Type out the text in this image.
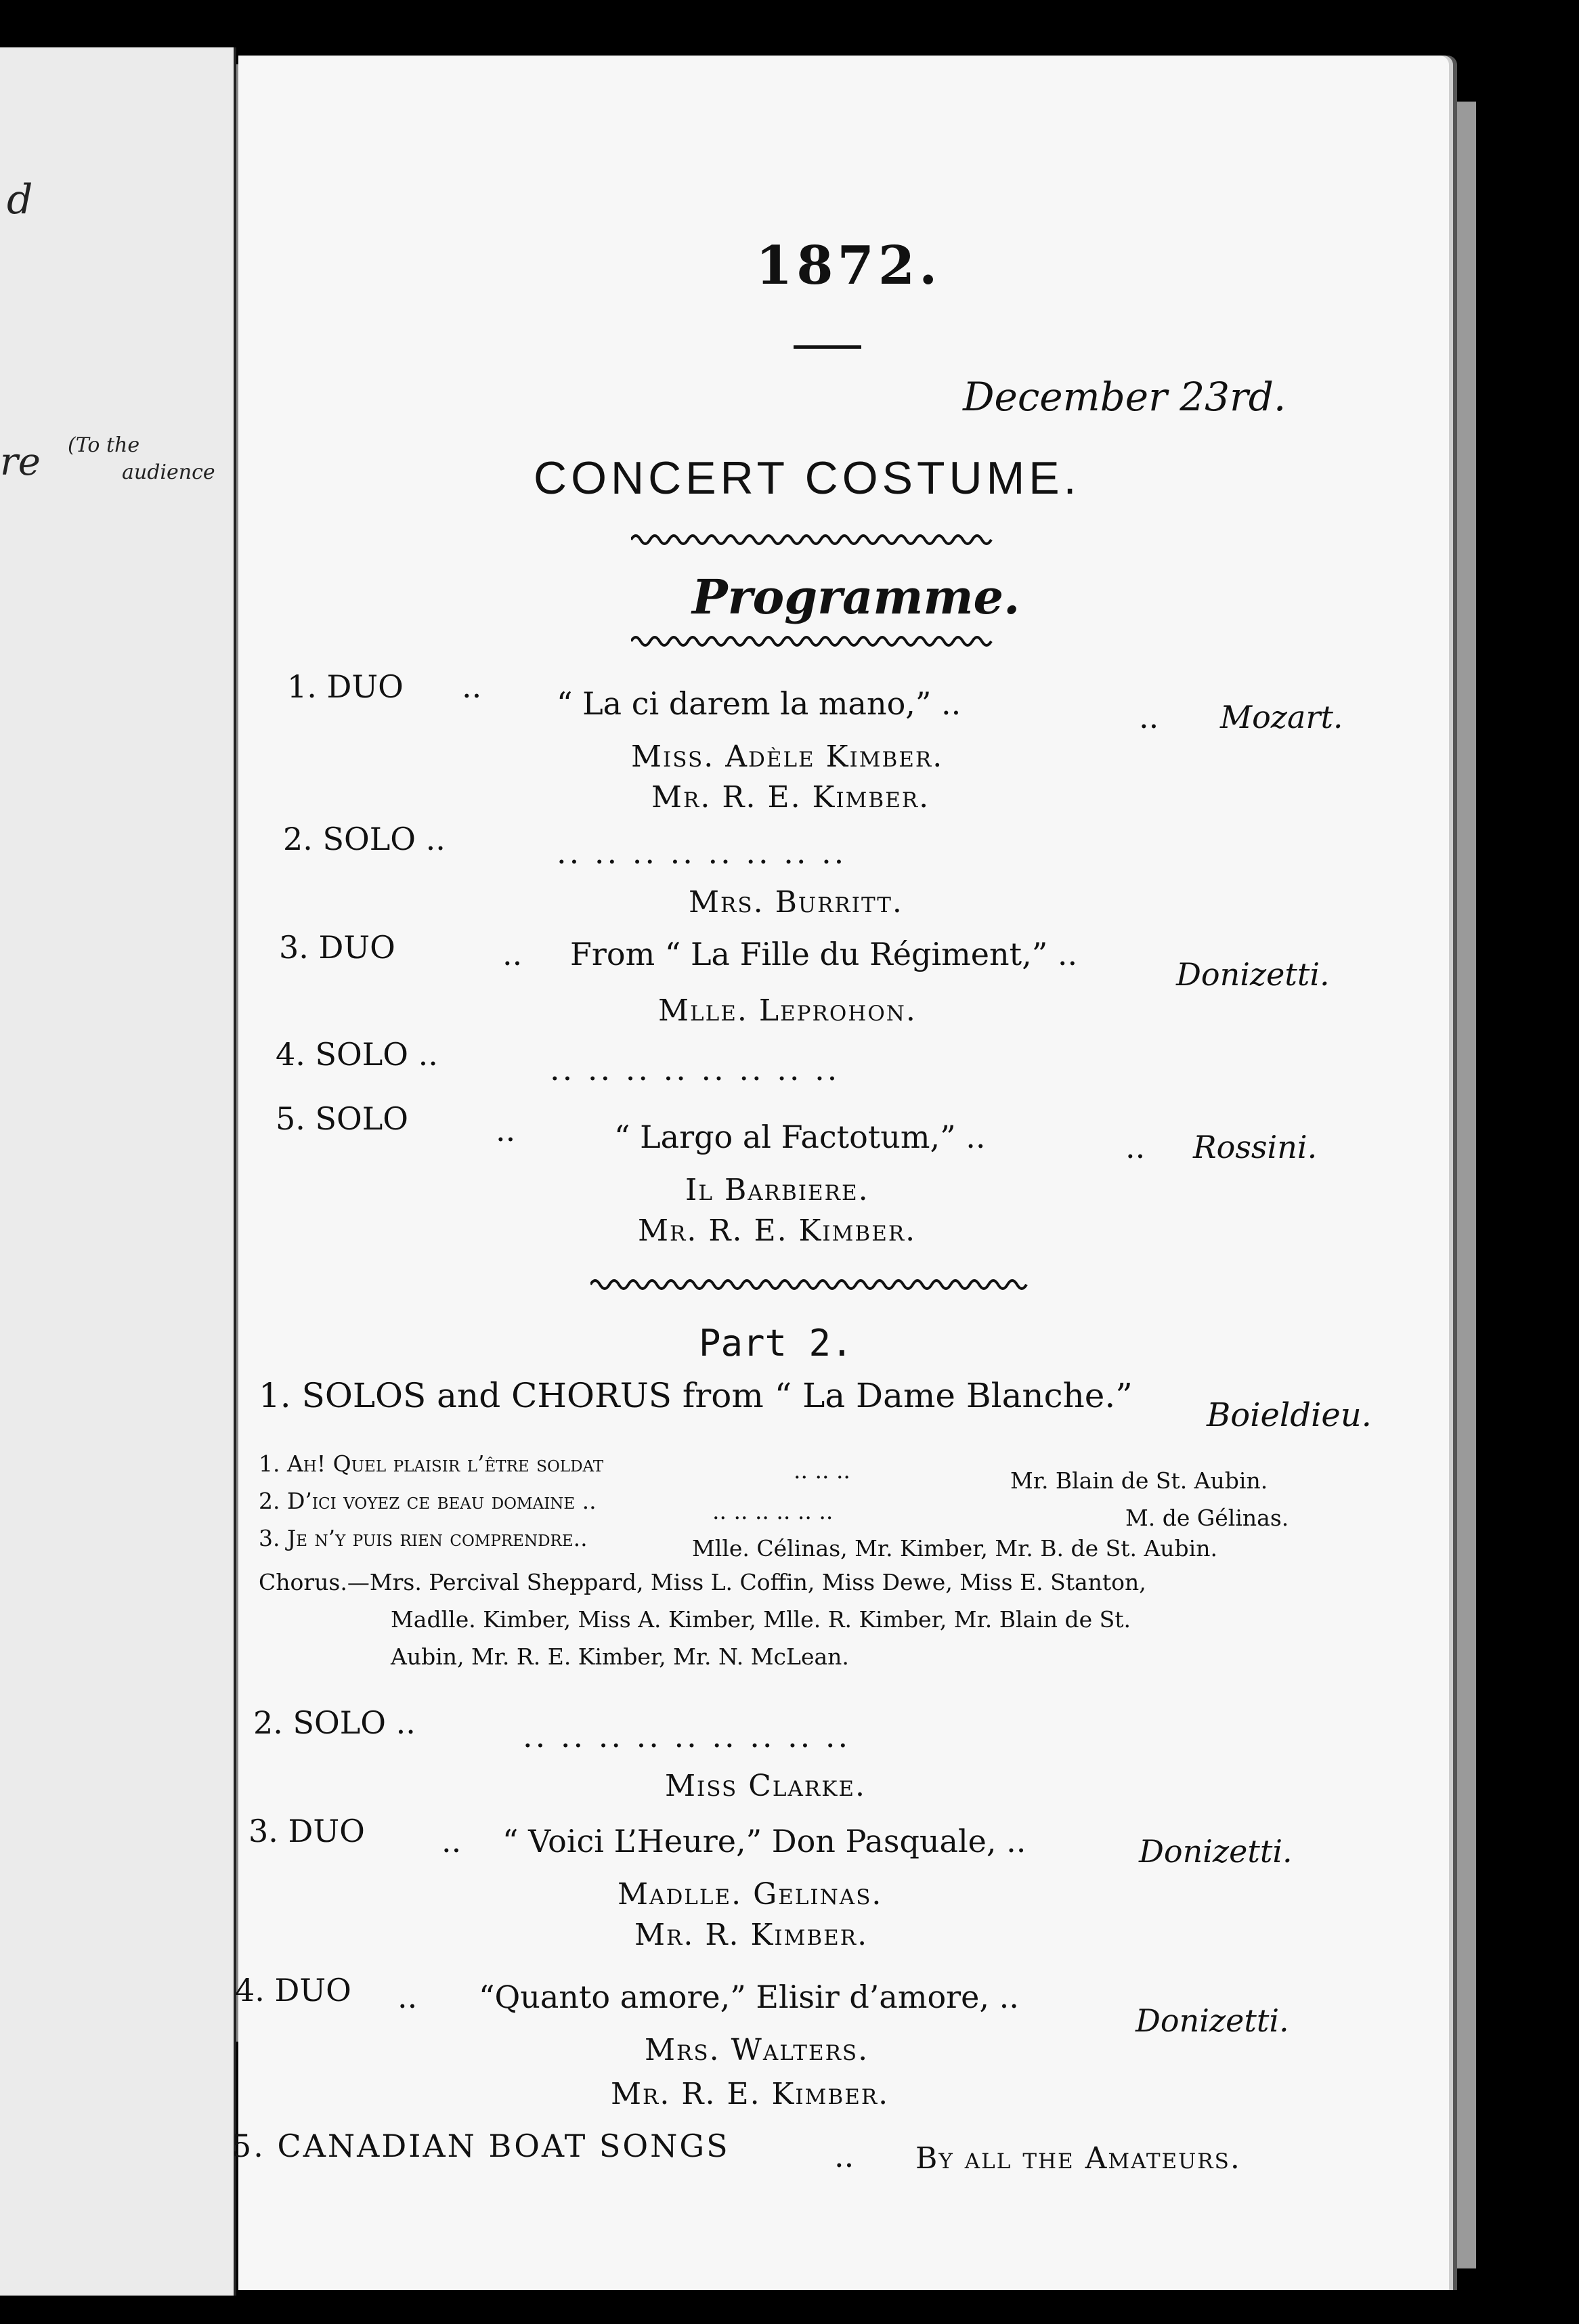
d
re (To the
audience
1872.
December 23rd.
CONCERT COSTUME.
Programme.
1. DUO .. “ La ci darem la mano,” ..	.. Mozart.
Miss. Adèle Kimber.
Mr. R. E. Kimber.
2. SOLO ..	.. .. .. .. .. .. .. ..
Mrs. Burritt.
3. DUO	.. From “ La Fille du Régiment,” ..
Donizetti.
Mlle. Leprohon.
4. SOLO ..	.. .. .. .. .. .. .. ..
5. SOLO	..	“ Largo al Factotum,” ..	.. Rossini.
Il Barbiere.
Mr. R. E. Kimber.
Part 2.
1. SOLOS and CHORUS from “ La Dame Blanche.” Boieldieu.
1. Ah! Quel plaisir l’être soldat	.. .. ..	Mr. Blain de St. Aubin.
2. D’ici voyez ce beau domaine ..	.. .. .. .. .. ..	M. de Gélinas.
3. Je n’y puis rien comprendre..	Mlle. Célinas, Mr. Kimber, Mr. B. de St. Aubin.
Chorus.—Mrs. Percival Sheppard, Miss L. Coffin, Miss Dewe, Miss E. Stanton,
Madlle. Kimber, Miss A. Kimber, Mlle. R. Kimber, Mr. Blain de St.
Aubin, Mr. R. E. Kimber, Mr. N. McLean.
2. SOLO ..	.. .. .. .. .. .. .. .. ..
Miss Clarke.
3. DUO .. “ Voici L’Heure,” Don Pasquale, ..	Donizetti.
Madlle. Gelinas.
Mr. R. Kimber.
4. DUO .. “Quanto amore,” Elisir d’amore, ..
Donizetti.
Mrs. Walters.
Mr. R. E. Kimber.
5. CANADIAN BOAT SONGS	.. By all the Amateurs.
